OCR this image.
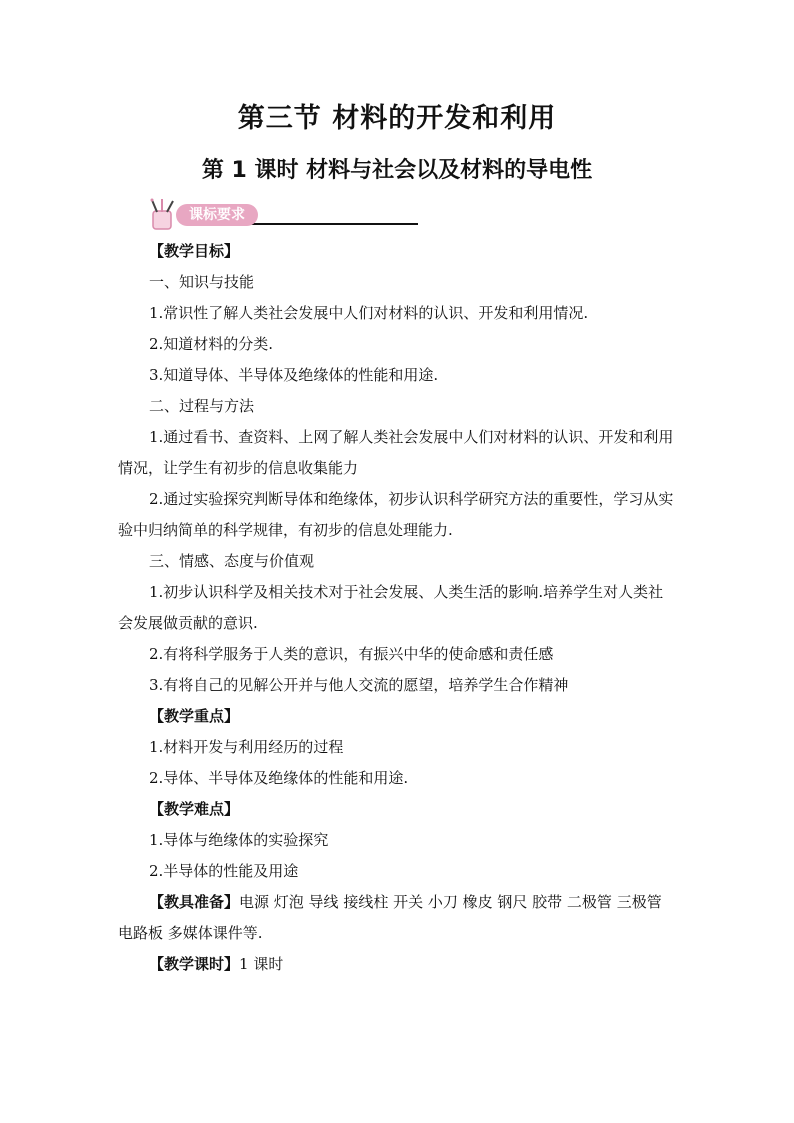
第三节 材料的开发和利用
第 1 课时 材料与社会以及材料的导电性
课标要求
【教学目标】
一、知识与技能
1.常识性了解人类社会发展中人们对材料的认识、开发和利用情况.
2.知道材料的分类.
3.知道导体、半导体及绝缘体的性能和用途.
二、过程与方法
1.通过看书、查资料、上网了解人类社会发展中人们对材料的认识、开发和利用情况，让学生有初步的信息收集能力
2.通过实验探究判断导体和绝缘体，初步认识科学研究方法的重要性，学习从实验中归纳简单的科学规律，有初步的信息处理能力.
三、情感、态度与价值观
1.初步认识科学及相关技术对于社会发展、人类生活的影响.培养学生对人类社会发展做贡献的意识.
2.有将科学服务于人类的意识，有振兴中华的使命感和责任感
3.有将自己的见解公开并与他人交流的愿望，培养学生合作精神
【教学重点】
1.材料开发与利用经历的过程
2.导体、半导体及绝缘体的性能和用途.
【教学难点】
1.导体与绝缘体的实验探究
2.半导体的性能及用途
【教具准备】电源 灯泡 导线 接线柱 开关 小刀 橡皮 钢尺 胶带 二极管 三极管 电路板 多媒体课件等.
【教学课时】1 课时
